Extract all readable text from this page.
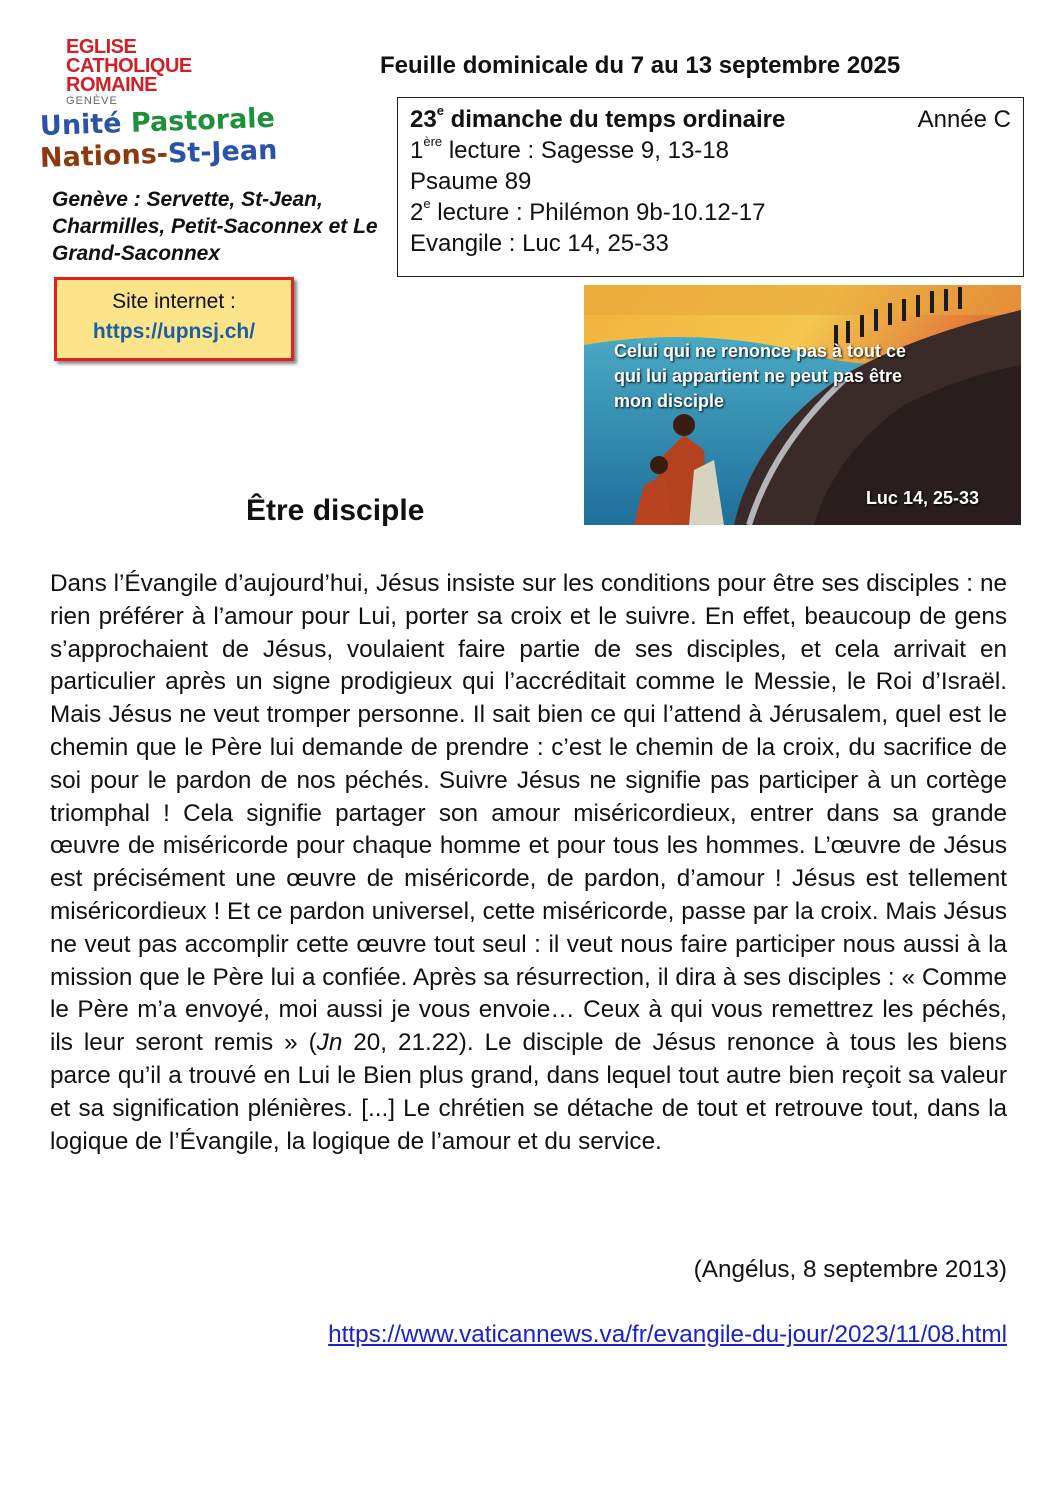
EGLISE
CATHOLIQUE
ROMAINE
GENÈVE
Unité Pastorale
Nations-St-Jean
Genève : Servette, St-Jean, Charmilles, Petit-Saconnex et Le Grand-Saconnex
Site internet :
https://upnsj.ch/
Feuille dominicale du 7 au 13 septembre 2025
23e dimanche du temps ordinaire	Année C
1ère lecture : Sagesse 9, 13-18
Psaume 89
2e lecture : Philémon 9b-10.12-17
Evangile : Luc 14, 25-33
Celui qui ne renonce pas à tout ce
qui lui appartient ne peut pas être
mon disciple
Luc 14, 25-33
Être disciple

Dans l’Évangile d’aujourd’hui, Jésus insiste sur les conditions pour être ses disciples : ne rien préférer à l’amour pour Lui, porter sa croix et le suivre. En effet, beaucoup de gens s’approchaient de Jésus, voulaient faire partie de ses disciples, et cela arrivait en particulier après un signe prodigieux qui l’accréditait comme le Messie, le Roi d’Israël. Mais Jésus ne veut tromper personne. Il sait bien ce qui l’attend à Jérusalem, quel est le chemin que le Père lui demande de prendre : c’est le chemin de la croix, du sacrifice de soi pour le pardon de nos péchés. Suivre Jésus ne signifie pas participer à un cortège triomphal ! Cela signifie partager son amour miséricordieux, entrer dans sa grande œuvre de miséricorde pour chaque homme et pour tous les hommes. L’œuvre de Jésus est précisément une œuvre de miséricorde, de pardon, d’amour ! Jésus est tellement miséricordieux ! Et ce pardon universel, cette miséricorde, passe par la croix. Mais Jésus ne veut pas accomplir cette œuvre tout seul : il veut nous faire participer nous aussi à la mission que le Père lui a confiée. Après sa résurrection, il dira à ses disciples : « Comme le Père m’a envoyé, moi aussi je vous envoie… Ceux à qui vous remettrez les péchés, ils leur seront remis » (Jn 20, 21.22). Le disciple de Jésus renonce à tous les biens parce qu’il a trouvé en Lui le Bien plus grand, dans lequel tout autre bien reçoit sa valeur et sa signification plénières. [...] Le chrétien se détache de tout et retrouve tout, dans la logique de l’Évangile, la logique de l’amour et du service.

(Angélus, 8 septembre 2013)
https://www.vaticannews.va/fr/evangile-du-jour/2023/11/08.html
